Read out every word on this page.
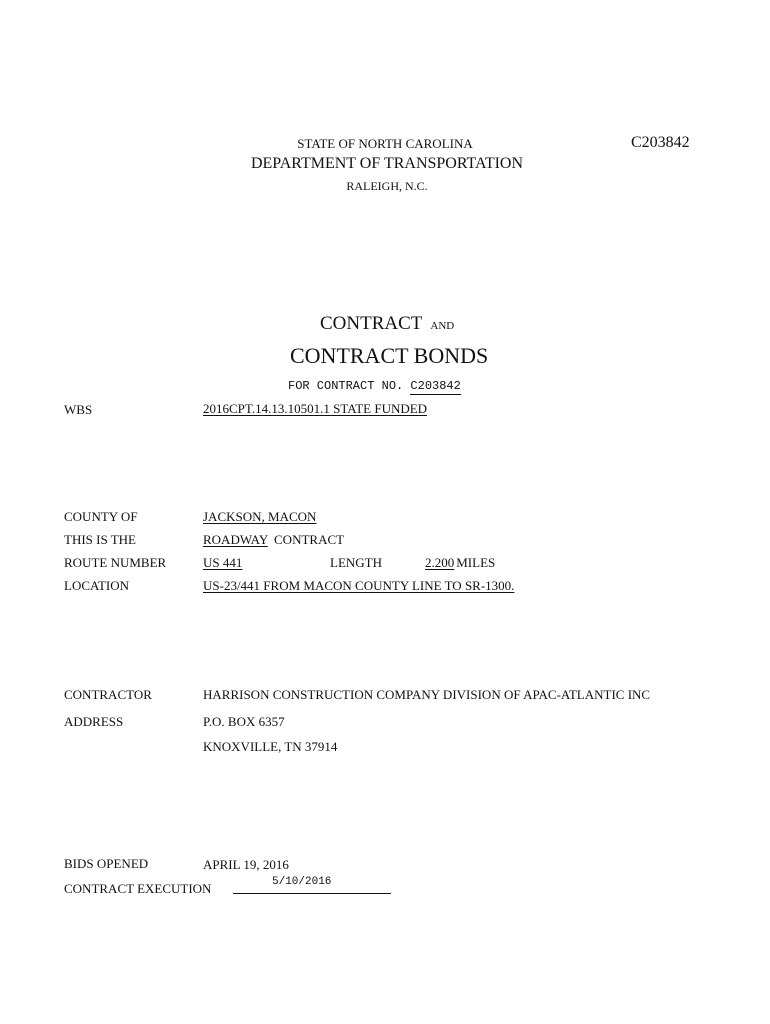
STATE OF NORTH CAROLINA	C203842
DEPARTMENT OF TRANSPORTATION
RALEIGH, N.C.
CONTRACT AND
CONTRACT BONDS
FOR CONTRACT NO. C203842
WBS	2016CPT.14.13.10501.1 STATE FUNDED
COUNTY OF	JACKSON, MACON
THIS IS THE	ROADWAY CONTRACT
ROUTE NUMBER	US 441	LENGTH	2.200 MILES
LOCATION	US-23/441 FROM MACON COUNTY LINE TO SR-1300.
CONTRACTOR	HARRISON CONSTRUCTION COMPANY DIVISION OF APAC-ATLANTIC INC
ADDRESS	P.O. BOX 6357
KNOXVILLE, TN 37914
BIDS OPENED	APRIL 19, 2016
CONTRACT EXECUTION	5/10/2016
